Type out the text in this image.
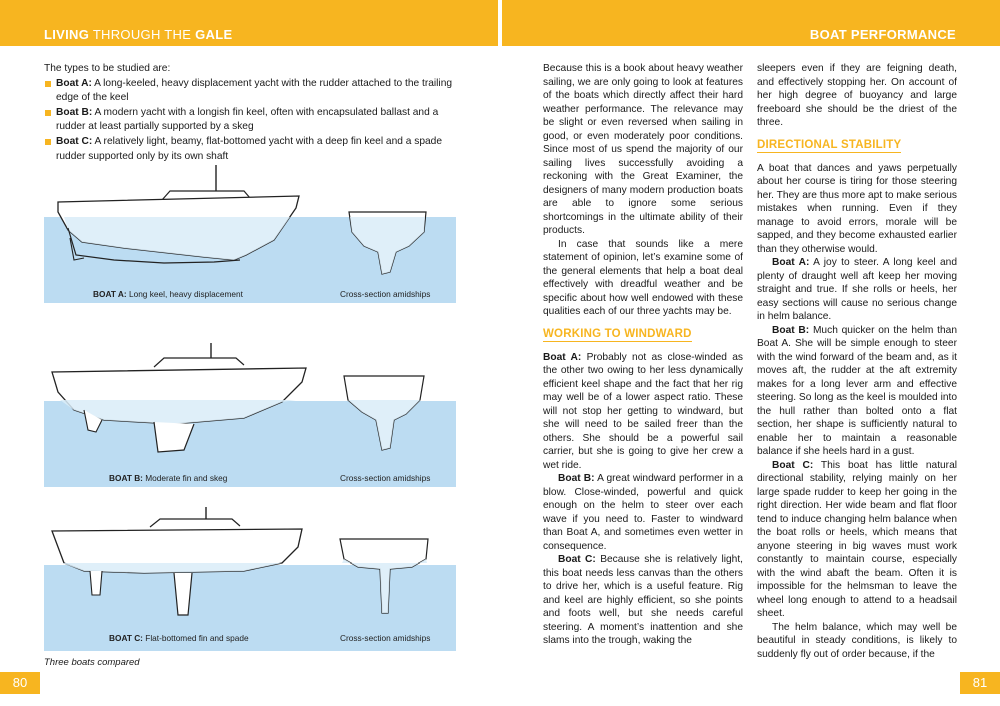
LIVING THROUGH THE GALE	BOAT PERFORMANCE

The types to be studied are:

Boat A: A long-keeled, heavy displacement yacht with the rudder attached to the trailing edge of the keel
Boat B: A modern yacht with a longish fin keel, often with encapsulated ballast and a rudder at least partially supported by a skeg
Boat C: A relatively light, beamy, flat-bottomed yacht with a deep fin keel and a spade rudder supported only by its own shaft
BOAT A: Long keel, heavy displacement	Cross-section amidships
BOAT B: Moderate fin and skeg	Cross-section amidships
BOAT C: Flat-bottomed fin and spade	Cross-section amidships
Three boats compared

Because this is a book about heavy weather sailing, we are only going to look at features of the boats which directly affect their hard weather performance. The relevance may be slight or even reversed when sailing in good, or even moderately poor conditions. Since most of us spend the majority of our sailing lives successfully avoiding a reckoning with the Great Examiner, the designers of many modern production boats are able to ignore some serious shortcomings in the ultimate ability of their products.

In case that sounds like a mere statement of opinion, let’s examine some of the general elements that help a boat deal effectively with dreadful weather and be specific about how well endowed with these qualities each of our three yachts may be.

WORKING TO WINDWARD

Boat A: Probably not as close-winded as the other two owing to her less dynamically efficient keel shape and the fact that her rig may well be of a lower aspect ratio. These will not stop her getting to windward, but she will need to be sailed freer than the others. She should be a powerful sail carrier, but she is going to give her crew a wet ride.

Boat B: A great windward performer in a blow. Close-winded, powerful and quick enough on the helm to steer over each wave if you need to. Faster to windward than Boat A, and sometimes even wetter in consequence.

Boat C: Because she is relatively light, this boat needs less canvas than the others to drive her, which is a useful feature. Rig and keel are highly efficient, so she points and foots well, but she needs careful steering. A moment’s inattention and she slams into the trough, waking the

sleepers even if they are feigning death, and effectively stopping her. On account of her high degree of buoyancy and large freeboard she should be the driest of the three.

DIRECTIONAL STABILITY

A boat that dances and yaws perpetually about her course is tiring for those steering her. They are thus more apt to make serious mistakes when running. Even if they manage to avoid errors, morale will be sapped, and they become exhausted earlier than they otherwise would.

Boat A: A joy to steer. A long keel and plenty of draught well aft keep her moving straight and true. If she rolls or heels, her easy sections will cause no serious change in helm balance.

Boat B: Much quicker on the helm than Boat A. She will be simple enough to steer with the wind forward of the beam and, as it moves aft, the rudder at the aft extremity makes for a long lever arm and effective steering. So long as the keel is moulded into the hull rather than bolted onto a flat section, her shape is sufficiently natural to enable her to maintain a reasonable balance if she heels hard in a gust.

Boat C: This boat has little natural directional stability, relying mainly on her large spade rudder to keep her going in the right direction. Her wide beam and flat floor tend to induce changing helm balance when the boat rolls or heels, which means that anyone steering in big waves must work constantly to maintain course, especially with the wind abaft the beam. Often it is impossible for the helmsman to leave the wheel long enough to attend to a headsail sheet.

The helm balance, which may well be beautiful in steady conditions, is likely to suddenly fly out of order because, if the

80	81
